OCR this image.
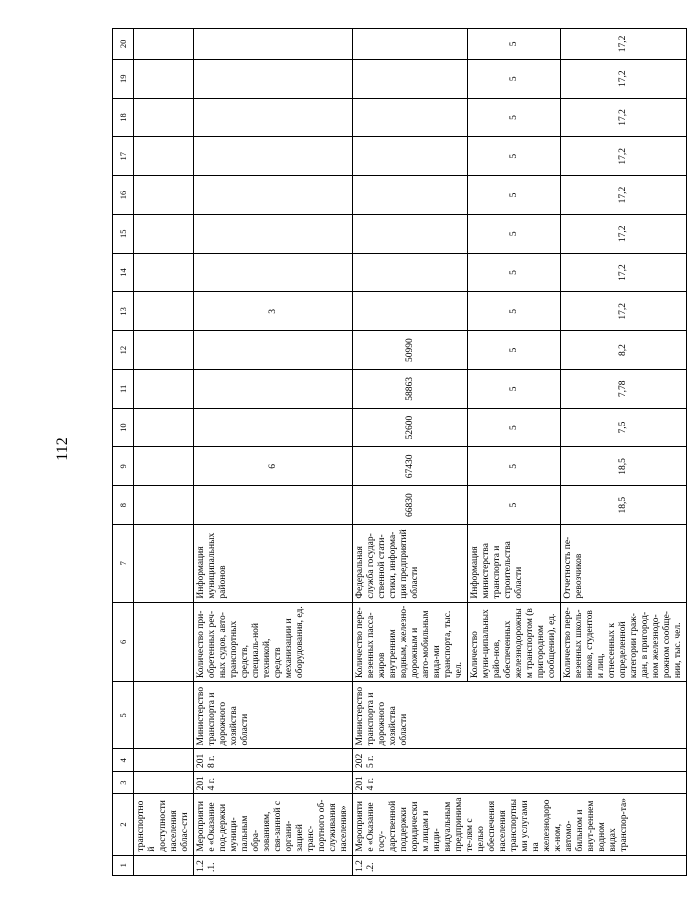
112
1	2	3	4	5	6	7	8	9	10	11	12	13	14	15	16	17	18	19	20
	транспортной доступности населения облас-сти																		
1.2.1.	Мероприятие «Оказание под-держки муници-пальным обра-зованиям, свя-занной с органи-зацией транс-портного об-служивания населения»	2014 г.	2018 г.	Министерство транспорта и дорожного хозяйства области	Количество при-обретенных реч-ных судов, авто-транспортных средств, специаль-ной техникой, средств механизации и оборудования, ед.	Информация муниципальных районов		6				3							
1.2.2.	Мероприятие «Оказание госу-дарственной поддержки юридическим лицам и инди-видуальным предпринимате-лям с целью обеспечения населения транспортными услугами на железнодорож-ном, автомо-бильном и внут-реннем водном видах транспор-та»	2014 г.	2025 г.	Министерство транспорта и дорожного хозяйства области	Количество пере-везенных пасса-жиров внутренним водным, железно-дорожным и авто-мобильным вида-ми транспорта, тыс. чел.	Федеральная служба государ-ственной стати-стики, информа-ция предприятий области	66830	67430	52600	58863	50990								
					Количество муни-ципальных райо-нов, обеспеченных железнодорожным транспортом (в пригородном сообщении), ед.	Информация министерства транспорта и строительства области	5	5	5	5	5	5	5	5	5	5	5	5	5
					Количество пере-везенных школь-ников, студентов и лиц, отнесенных к определенной категории граж-дан, в пригород-ном железнодо-рожном сообще-нии, тыс. чел.	Отчетность пе-ревозчиков	18,5	18,5	7,5	7,78	8,2	17,2	17,2	17,2	17,2	17,2	17,2	17,2	17,2
